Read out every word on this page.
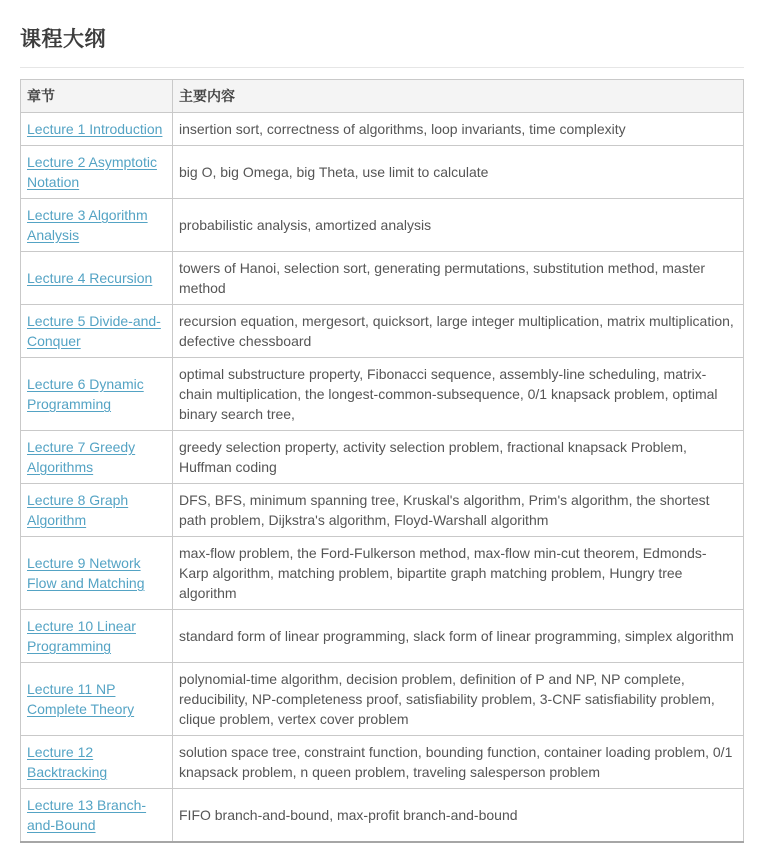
课程大纲
章节	主要内容
Lecture 1 Introduction	insertion sort, correctness of algorithms, loop invariants, time complexity
Lecture 2 Asymptotic Notation	big O, big Omega, big Theta, use limit to calculate
Lecture 3 Algorithm Analysis	probabilistic analysis, amortized analysis
Lecture 4 Recursion	towers of Hanoi, selection sort, generating permutations, substitution method, master method
Lecture 5 Divide-and-Conquer	recursion equation, mergesort, quicksort, large integer multiplication, matrix multiplication, defective chessboard
Lecture 6 Dynamic Programming	optimal substructure property, Fibonacci sequence, assembly-line scheduling, matrix-chain multiplication, the longest-common-subsequence, 0/1 knapsack problem, optimal binary search tree,
Lecture 7 Greedy Algorithms	greedy selection property, activity selection problem, fractional knapsack Problem, Huffman coding
Lecture 8 Graph Algorithm	DFS, BFS, minimum spanning tree, Kruskal's algorithm, Prim's algorithm, the shortest path problem, Dijkstra's algorithm, Floyd-Warshall algorithm
Lecture 9 Network Flow and Matching	max-flow problem, the Ford-Fulkerson method, max-flow min-cut theorem, Edmonds-Karp algorithm, matching problem, bipartite graph matching problem, Hungry tree algorithm
Lecture 10 Linear Programming	standard form of linear programming, slack form of linear programming, simplex algorithm
Lecture 11 NP Complete Theory	polynomial-time algorithm, decision problem, definition of P and NP, NP complete, reducibility, NP-completeness proof, satisfiability problem, 3-CNF satisfiability problem, clique problem, vertex cover problem
Lecture 12 Backtracking	solution space tree, constraint function, bounding function, container loading problem, 0/1 knapsack problem, n queen problem, traveling salesperson problem
Lecture 13 Branch-and-Bound	FIFO branch-and-bound, max-profit branch-and-bound
